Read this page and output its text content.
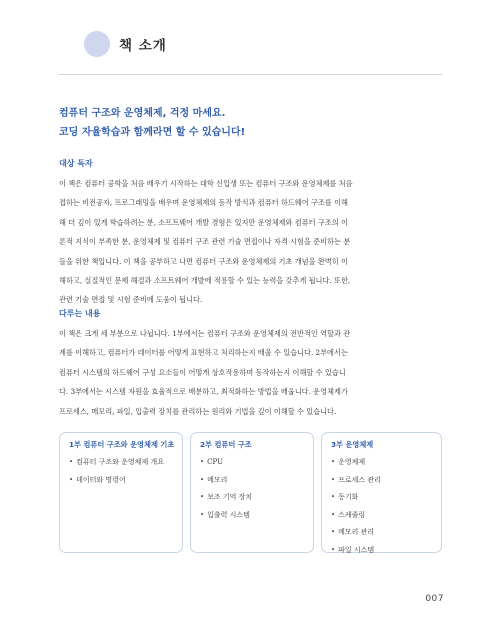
책 소개
컴퓨터 구조와 운영체제, 걱정 마세요.
코딩 자율학습과 함께라면 할 수 있습니다!
대상 독자
이 책은 컴퓨터 공학을 처음 배우기 시작하는 대학 신입생 또는 컴퓨터 구조와 운영체제를 처음
접하는 비전공자, 프로그래밍을 배우며 운영체제의 동작 방식과 컴퓨터 하드웨어 구조를 이해
해 더 깊이 있게 학습하려는 분, 소프트웨어 개발 경험은 있지만 운영체제와 컴퓨터 구조의 이
론적 지식이 부족한 분, 운영체제 및 컴퓨터 구조 관련 기술 면접이나 자격 시험을 준비하는 분
들을 위한 책입니다. 이 책을 공부하고 나면 컴퓨터 구조와 운영체제의 기초 개념을 완벽히 이
해하고, 실질적인 문제 해결과 소프트웨어 개발에 적용할 수 있는 능력을 갖추게 됩니다. 또한,
관련 기술 면접 및 시험 준비에 도움이 됩니다.
다루는 내용
이 책은 크게 세 부분으로 나뉩니다. 1부에서는 컴퓨터 구조와 운영체제의 전반적인 역할과 관
계를 이해하고, 컴퓨터가 데이터를 어떻게 표현하고 처리하는지 배울 수 있습니다. 2부에서는
컴퓨터 시스템의 하드웨어 구성 요소들이 어떻게 상호작용하며 동작하는지 이해할 수 있습니
다. 3부에서는 시스템 자원을 효율적으로 배분하고, 최적화하는 방법을 배웁니다. 운영체제가
프로세스, 메모리, 파일, 입출력 장치를 관리하는 원리와 기법을 깊이 이해할 수 있습니다.
1부 컴퓨터 구조와 운영체제 기초
• 컴퓨터 구조와 운영체제 개요
• 데이터와 명령어
2부 컴퓨터 구조
• CPU
• 메모리
• 보조 기억 장치
• 입출력 시스템
3부 운영체제
• 운영체제
• 프로세스 관리
• 동기화
• 스케줄링
• 메모리 관리
• 파일 시스템
007
